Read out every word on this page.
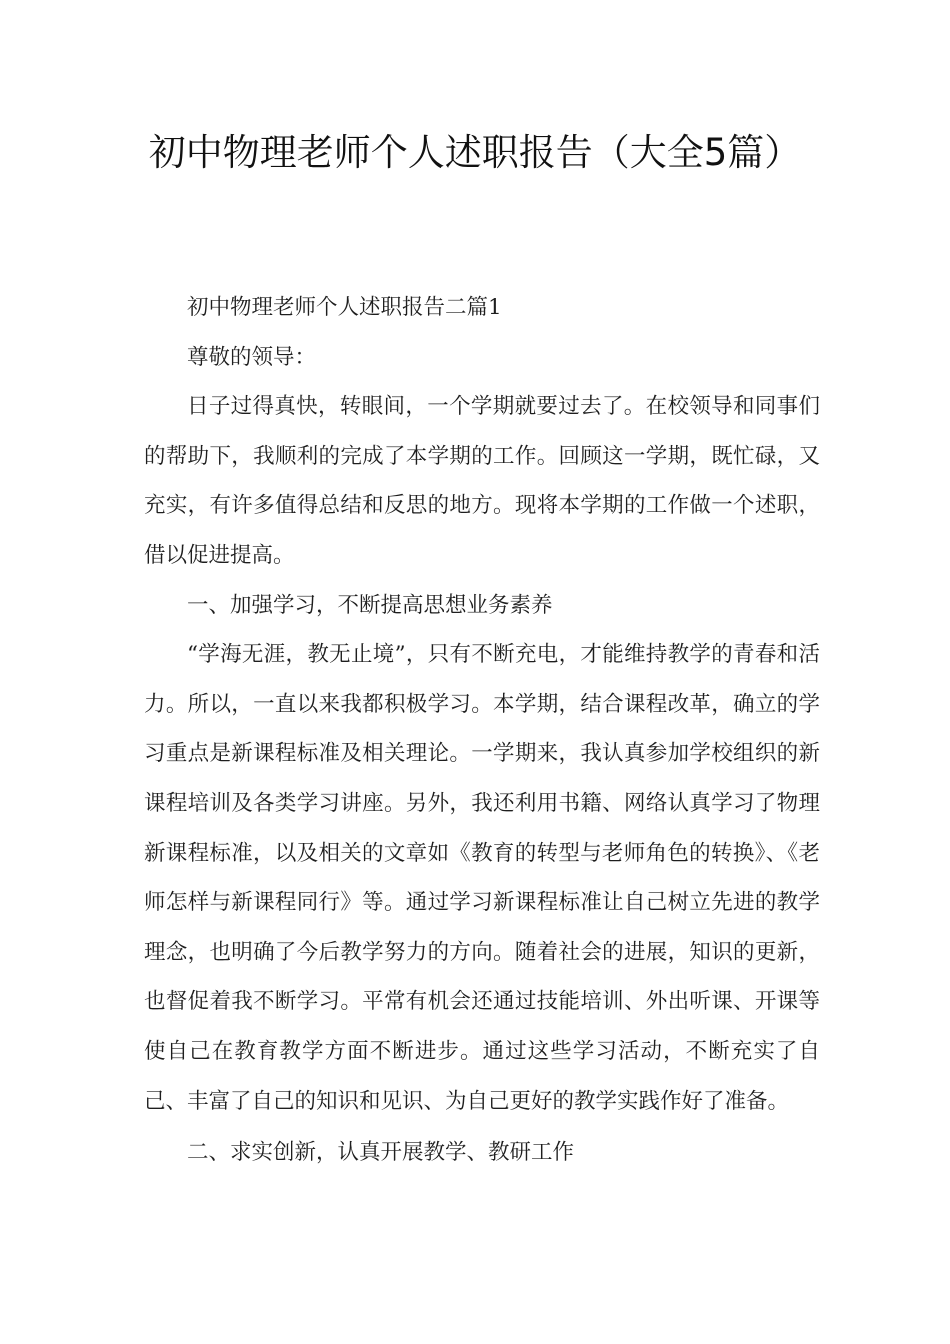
初中物理老师个人述职报告（大全5篇）

初中物理老师个人述职报告二篇1

尊敬的领导：

日子过得真快，转眼间，一个学期就要过去了。在校领导和同事们的帮助下，我顺利的完成了本学期的工作。回顾这一学期，既忙碌，又充实，有许多值得总结和反思的地方。现将本学期的工作做一个述职，借以促进提高。

一、加强学习，不断提高思想业务素养

“学海无涯，教无止境”，只有不断充电，才能维持教学的青春和活力。所以，一直以来我都积极学习。本学期，结合课程改革，确立的学习重点是新课程标准及相关理论。一学期来，我认真参加学校组织的新课程培训及各类学习讲座。另外，我还利用书籍、网络认真学习了物理新课程标准，以及相关的文章如《教育的转型与老师角色的转换》、《老师怎样与新课程同行》等。通过学习新课程标准让自己树立先进的教学理念，也明确了今后教学努力的方向。随着社会的进展，知识的更新，也督促着我不断学习。平常有机会还通过技能培训、外出听课、开课等使自己在教育教学方面不断进步。通过这些学习活动，不断充实了自己、丰富了自己的知识和见识、为自己更好的教学实践作好了准备。

二、求实创新，认真开展教学、教研工作
